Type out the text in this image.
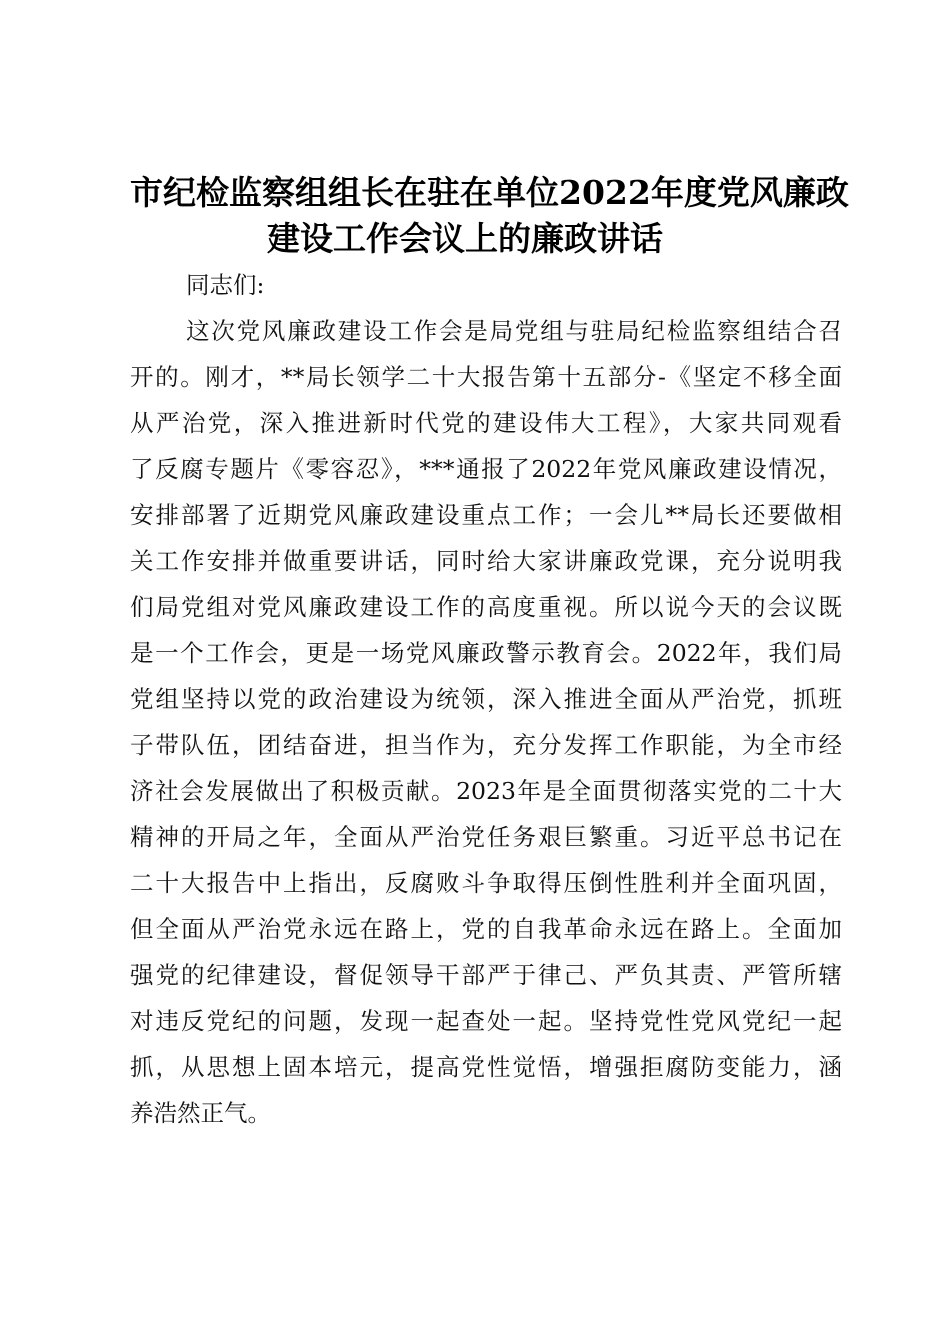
市纪检监察组组长在驻在单位2022年度党风廉政
建设工作会议上的廉政讲话

同志们:

这次党风廉政建设工作会是局党组与驻局纪检监察组结合召
开的。刚才，**局长领学二十大报告第十五部分-《坚定不移全面
从严治党，深入推进新时代党的建设伟大工程》，大家共同观看
了反腐专题片《零容忍》，***通报了2022年党风廉政建设情况，
安排部署了近期党风廉政建设重点工作；一会儿**局长还要做相
关工作安排并做重要讲话，同时给大家讲廉政党课，充分说明我
们局党组对党风廉政建设工作的高度重视。所以说今天的会议既
是一个工作会，更是一场党风廉政警示教育会。2022年，我们局
党组坚持以党的政治建设为统领，深入推进全面从严治党，抓班
子带队伍，团结奋进，担当作为，充分发挥工作职能，为全市经
济社会发展做出了积极贡献。2023年是全面贯彻落实党的二十大
精神的开局之年，全面从严治党任务艰巨繁重。习近平总书记在
二十大报告中上指出，反腐败斗争取得压倒性胜利并全面巩固，
但全面从严治党永远在路上，党的自我革命永远在路上。全面加
强党的纪律建设，督促领导干部严于律己、严负其责、严管所辖
对违反党纪的问题，发现一起查处一起。坚持党性党风党纪一起
抓，从思想上固本培元，提高党性觉悟，增强拒腐防变能力，涵
养浩然正气。
